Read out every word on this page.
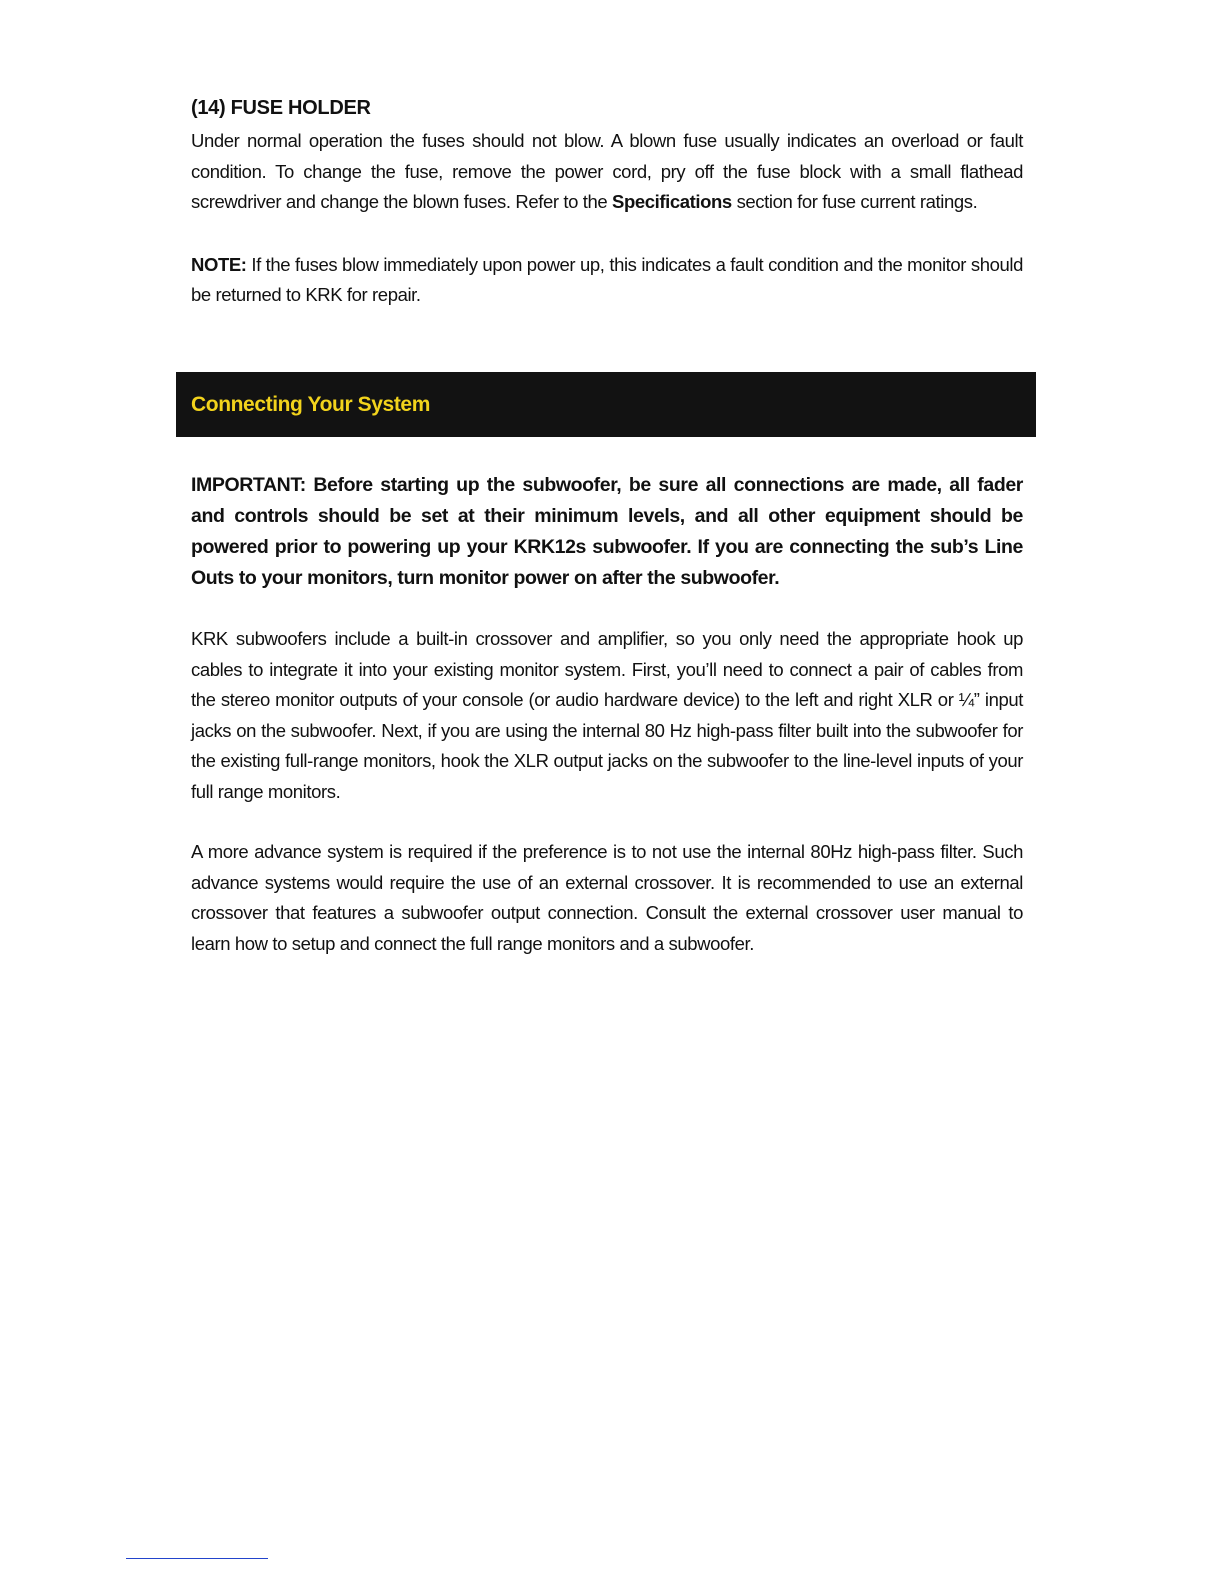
(14) FUSE HOLDER

Under normal operation the fuses should not blow. A blown fuse usually indicates an overload or fault condition. To change the fuse, remove the power cord, pry off the fuse block with a small flathead screwdriver and change the blown fuses. Refer to the Specifications section for fuse current ratings.

NOTE: If the fuses blow immediately upon power up, this indicates a fault condition and the monitor should be returned to KRK for repair.

Connecting Your System

IMPORTANT: Before starting up the subwoofer, be sure all connections are made, all fader and controls should be set at their minimum levels, and all other equipment should be powered prior to powering up your KRK12s subwoofer. If you are connecting the sub’s Line Outs to your monitors, turn monitor power on after the subwoofer.

KRK subwoofers include a built-in crossover and amplifier, so you only need the appropriate hook up cables to integrate it into your existing monitor system. First, you’ll need to connect a pair of cables from the stereo monitor outputs of your console (or audio hardware device) to the left and right XLR or ¼” input jacks on the subwoofer. Next, if you are using the internal 80 Hz high-pass filter built into the subwoofer for the existing full-range monitors, hook the XLR output jacks on the subwoofer to the line-level inputs of your full range monitors.

A more advance system is required if the preference is to not use the internal 80Hz high-pass filter. Such advance systems would require the use of an external crossover. It is recommended to use an external crossover that features a subwoofer output connection. Consult the external crossover user manual to learn how to setup and connect the full range monitors and a subwoofer.
